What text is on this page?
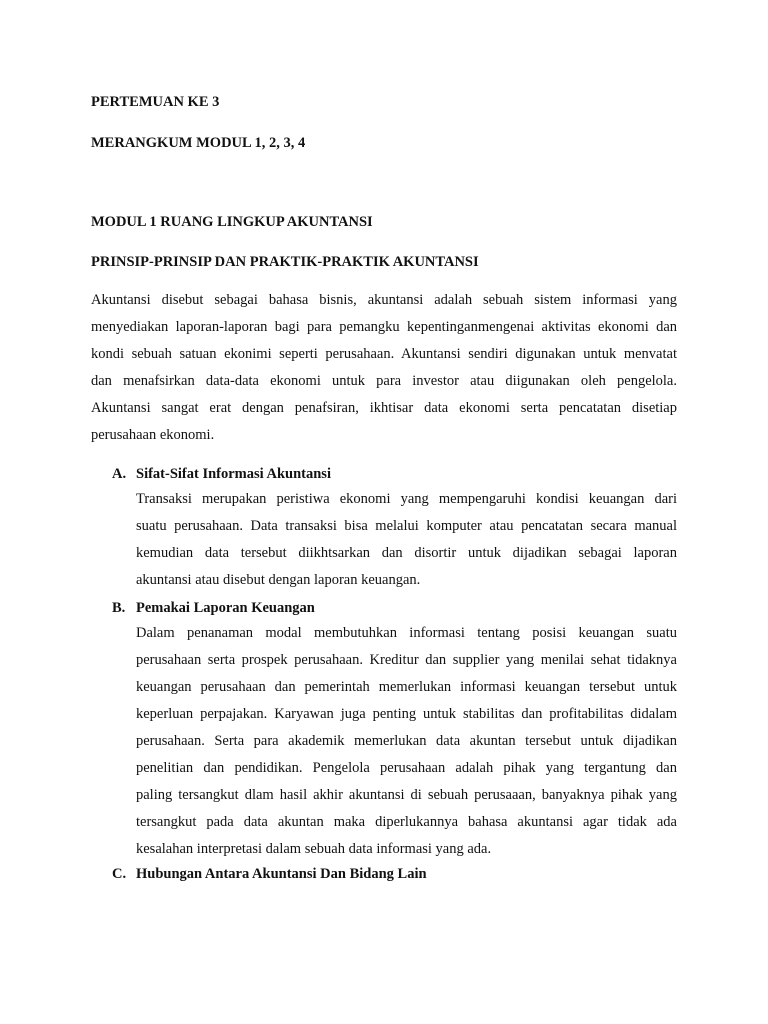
PERTEMUAN KE 3
MERANGKUM MODUL 1, 2, 3, 4
MODUL 1 RUANG LINGKUP AKUNTANSI
PRINSIP-PRINSIP DAN PRAKTIK-PRAKTIK AKUNTANSI
Akuntansi disebut sebagai bahasa bisnis, akuntansi adalah sebuah sistem informasi yang
menyediakan laporan-laporan bagi para pemangku kepentinganmengenai aktivitas ekonomi dan
kondi sebuah satuan ekonimi seperti perusahaan. Akuntansi sendiri digunakan untuk menvatat
dan menafsirkan data-data ekonomi untuk para investor atau diigunakan oleh pengelola.
Akuntansi sangat erat dengan penafsiran, ikhtisar data ekonomi serta pencatatan disetiap
perusahaan ekonomi.
A. Sifat-Sifat Informasi Akuntansi
Transaksi merupakan peristiwa ekonomi yang mempengaruhi kondisi keuangan dari
suatu perusahaan. Data transaksi bisa melalui komputer atau pencatatan secara manual
kemudian data tersebut diikhtsarkan dan disortir untuk dijadikan sebagai laporan
akuntansi atau disebut dengan laporan keuangan.
B. Pemakai Laporan Keuangan
Dalam penanaman modal membutuhkan informasi tentang posisi keuangan suatu
perusahaan serta prospek perusahaan. Kreditur dan supplier yang menilai sehat tidaknya
keuangan perusahaan dan pemerintah memerlukan informasi keuangan tersebut untuk
keperluan perpajakan. Karyawan juga penting untuk stabilitas dan profitabilitas didalam
perusahaan. Serta para akademik memerlukan data akuntan tersebut untuk dijadikan
penelitian dan pendidikan. Pengelola perusahaan adalah pihak yang tergantung dan
paling tersangkut dlam hasil akhir akuntansi di sebuah perusaaan, banyaknya pihak yang
tersangkut pada data akuntan maka diperlukannya bahasa akuntansi agar tidak ada
kesalahan interpretasi dalam sebuah data informasi yang ada.
C. Hubungan Antara Akuntansi Dan Bidang Lain
